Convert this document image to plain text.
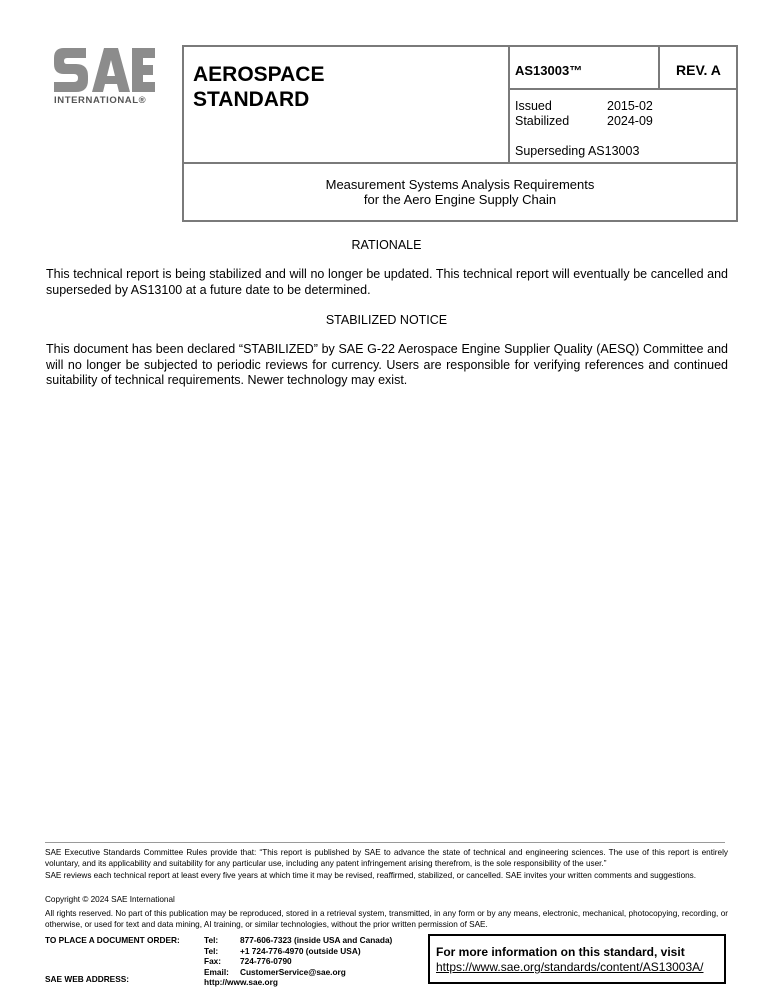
INTERNATIONAL®
AEROSPACE
STANDARD
AS13003™	REV. A
Issued	2015-02
Stabilized	2024-09
Superseding AS13003
Measurement Systems Analysis Requirements
for the Aero Engine Supply Chain
RATIONALE
This technical report is being stabilized and will no longer be updated. This technical report will eventually be cancelled and superseded by AS13100 at a future date to be determined.
STABILIZED NOTICE
This document has been declared “STABILIZED” by SAE G-22 Aerospace Engine Supplier Quality (AESQ) Committee and will no longer be subjected to periodic reviews for currency. Users are responsible for verifying references and continued suitability of technical requirements. Newer technology may exist.
SAE Executive Standards Committee Rules provide that: “This report is published by SAE to advance the state of technical and engineering sciences. The use of this report is entirely voluntary, and its applicability and suitability for any particular use, including any patent infringement arising therefrom, is the sole responsibility of the user.”
SAE reviews each technical report at least every five years at which time it may be revised, reaffirmed, stabilized, or cancelled. SAE invites your written comments and suggestions.
Copyright © 2024 SAE International
All rights reserved. No part of this publication may be reproduced, stored in a retrieval system, transmitted, in any form or by any means, electronic, mechanical, photocopying, recording, or otherwise, or used for text and data mining, AI training, or similar technologies, without the prior written permission of SAE.
TO PLACE A DOCUMENT ORDER:	Tel:	877-606-7323 (inside USA and Canada)
Tel:	+1 724-776-4970 (outside USA)
Fax:	724-776-0790
Email:	CustomerService@sae.org
http://www.sae.org
SAE WEB ADDRESS:
For more information on this standard, visit
https://www.sae.org/standards/content/AS13003A/
